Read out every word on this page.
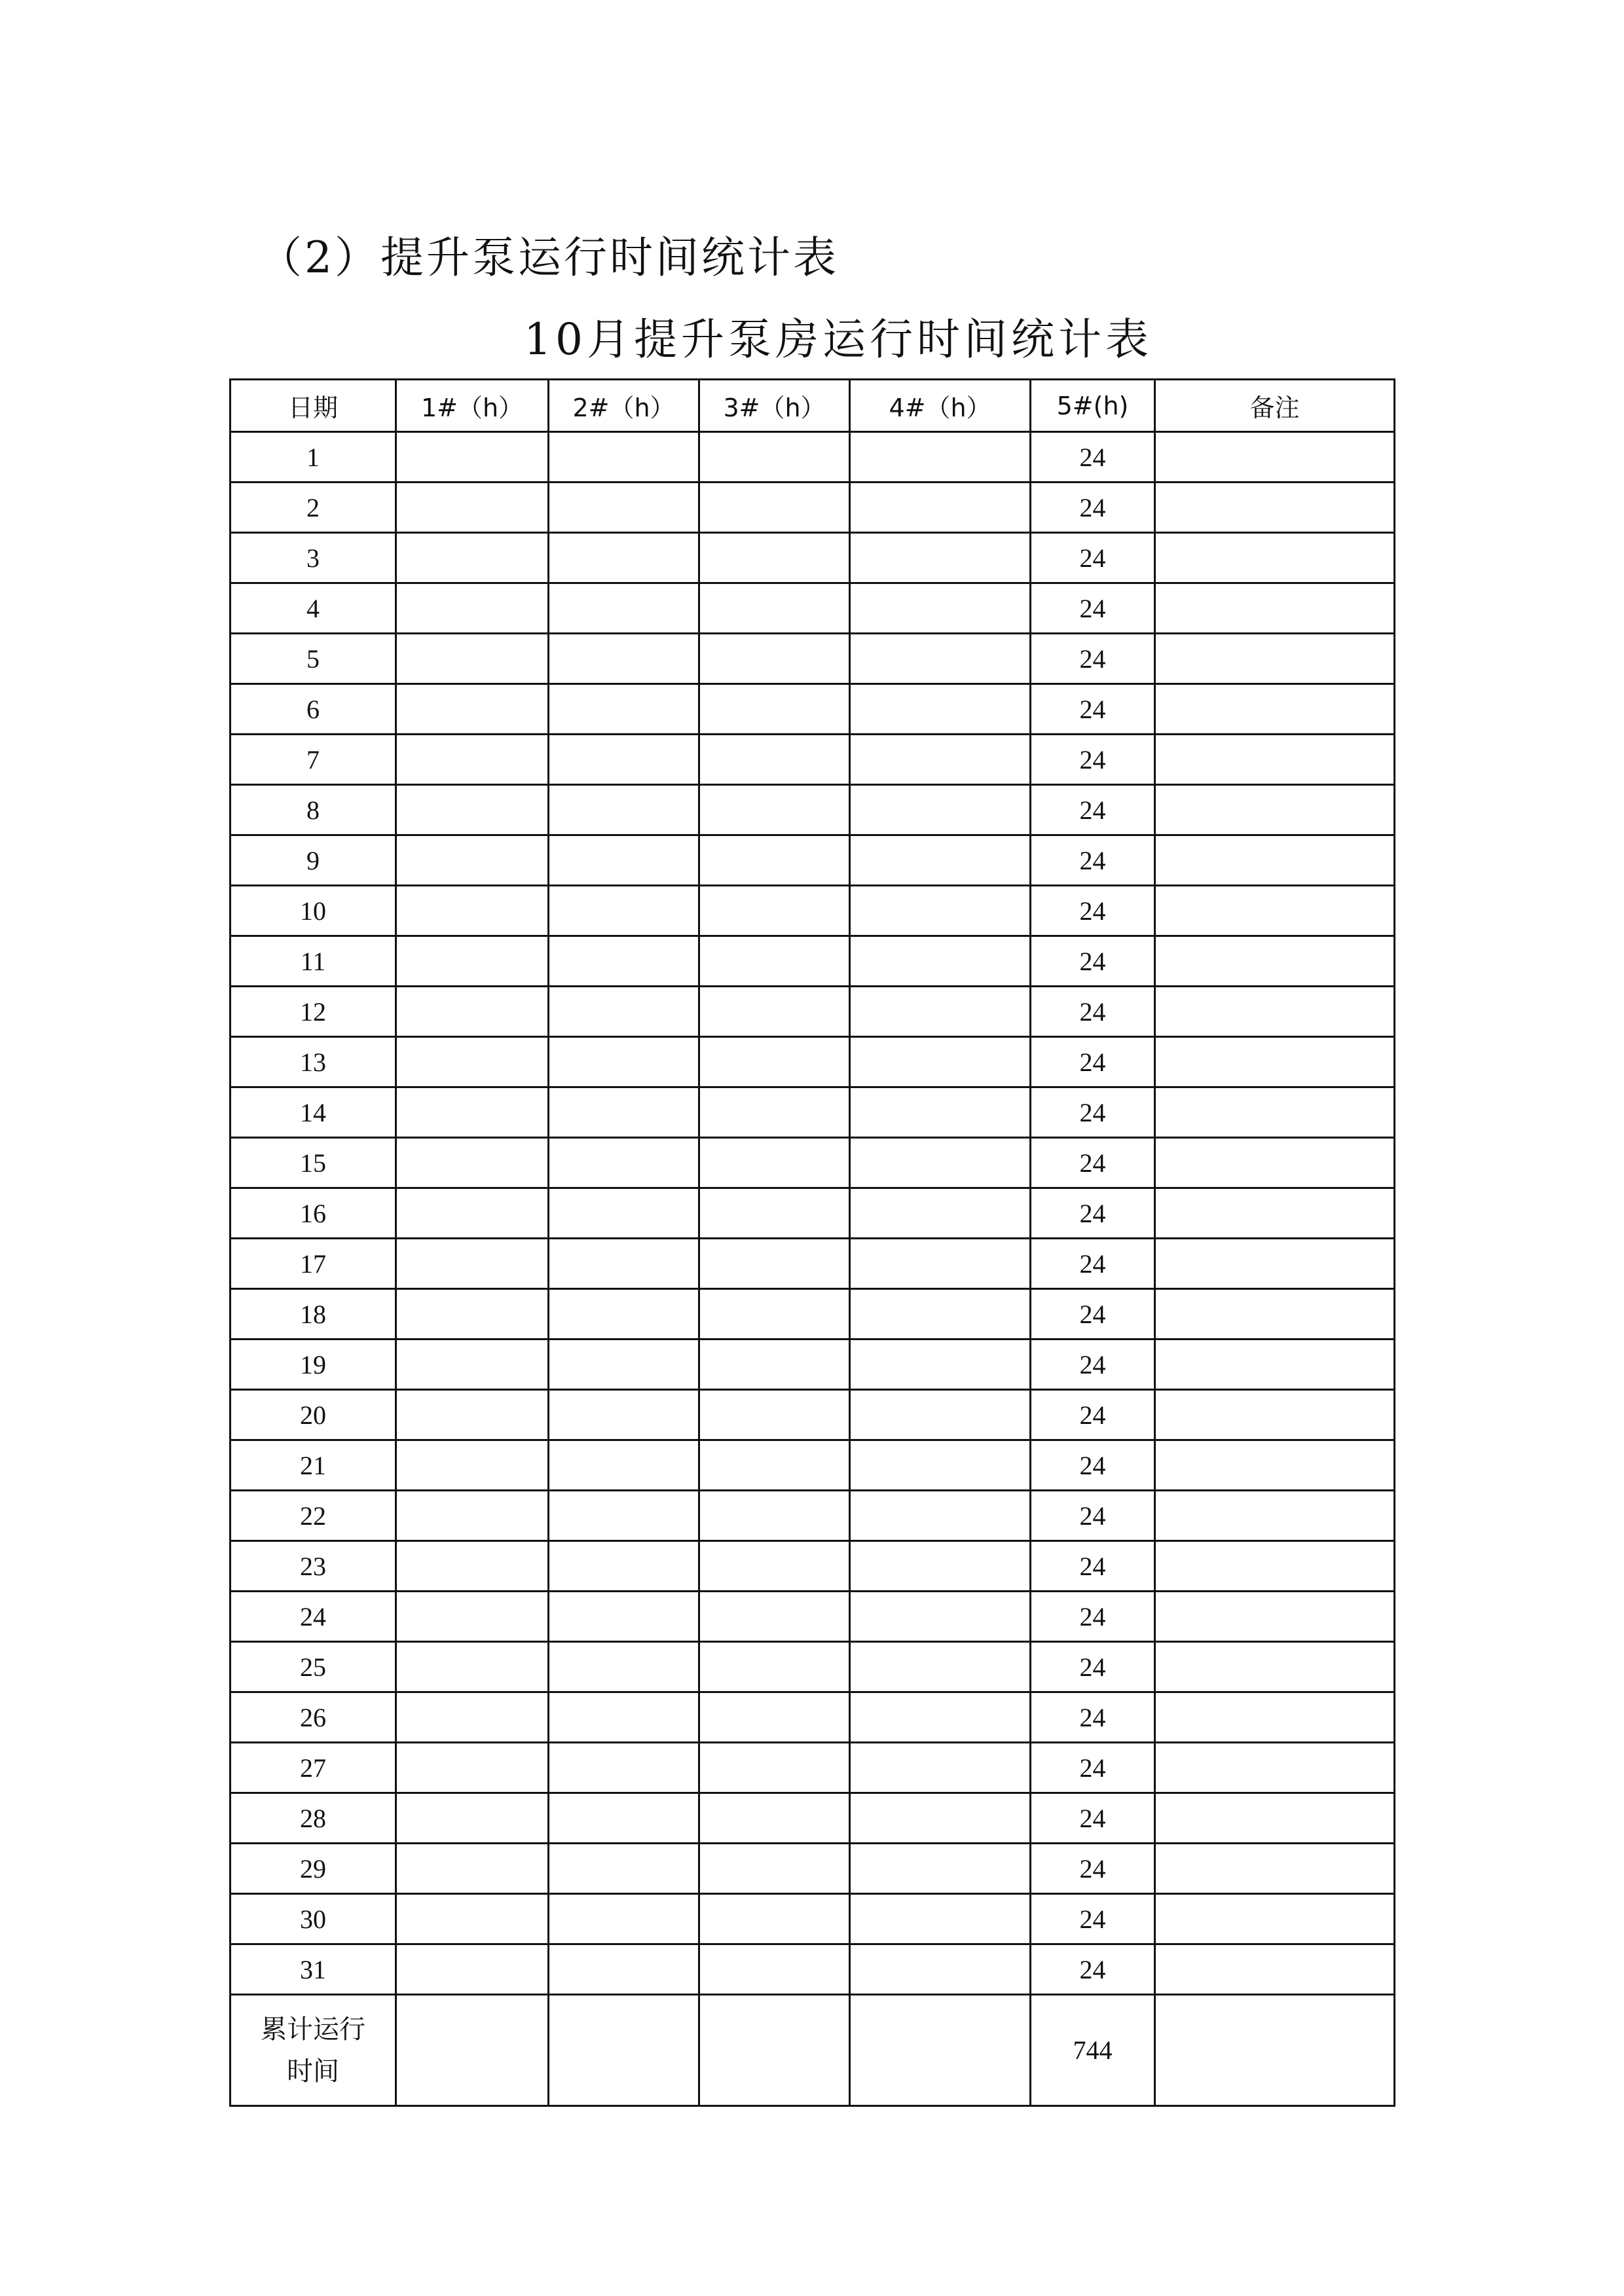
（2）提升泵运行时间统计表
10月提升泵房运行时间统计表
日期	1#（h）	2#（h）	3#（h）	4#（h）	5#(h)	备注
1					24	
2					24	
3					24	
4					24	
5					24	
6					24	
7					24	
8					24	
9					24	
10					24	
11					24	
12					24	
13					24	
14					24	
15					24	
16					24	
17					24	
18					24	
19					24	
20					24	
21					24	
22					24	
23					24	
24					24	
25					24	
26					24	
27					24	
28					24	
29					24	
30					24	
31					24	

累计运行
时间					744	
